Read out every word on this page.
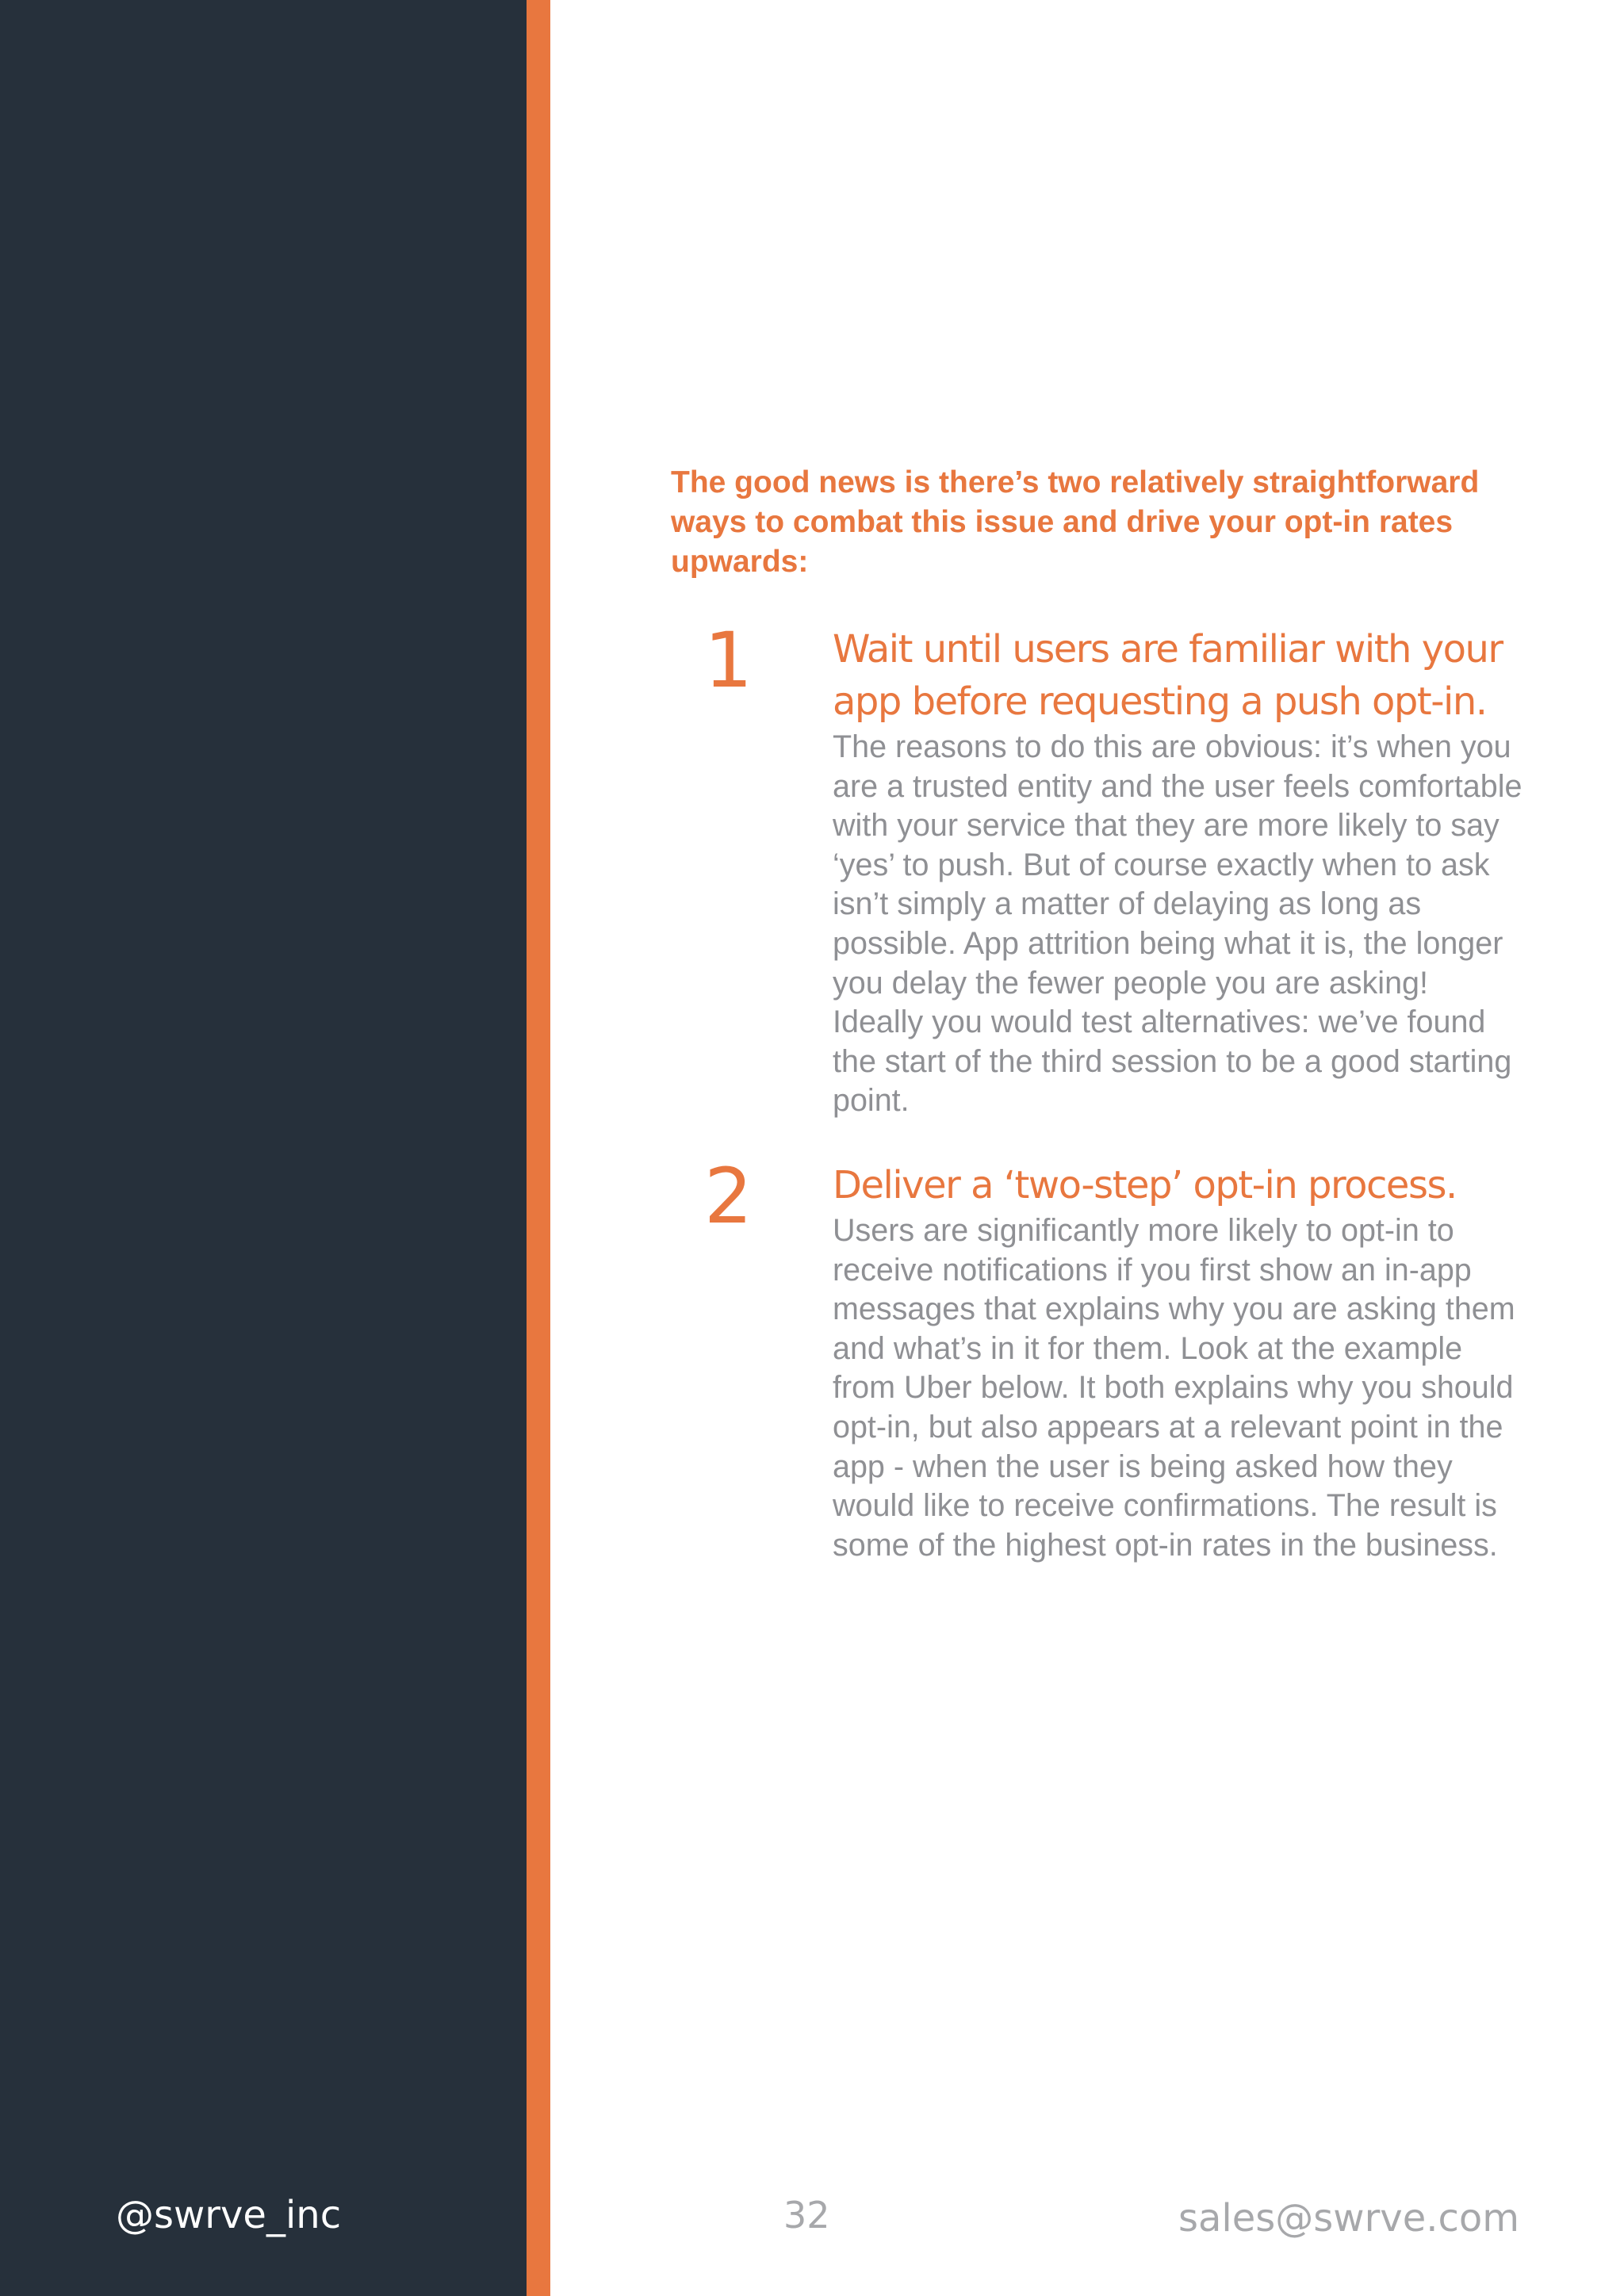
The good news is there’s two relatively straightforward ways to combat this issue and drive your opt-in rates upwards:

1 Wait until users are familiar with your app before requesting a push opt-in.

The reasons to do this are obvious: it’s when you are a trusted entity and the user feels comfortable with your service that they are more likely to say ‘yes’ to push. But of course exactly when to ask isn’t simply a matter of delaying as long as possible. App attrition being what it is, the longer you delay the fewer people you are asking! Ideally you would test alternatives: we’ve found the start of the third session to be a good starting point.

2 Deliver a ‘two-step’ opt-in process.

Users are significantly more likely to opt-in to receive notifications if you first show an in-app messages that explains why you are asking them and what’s in it for them. Look at the example from Uber below. It both explains why you should opt-in, but also appears at a relevant point in the app - when the user is being asked how they would like to receive confirmations. The result is some of the highest opt-in rates in the business.

@swrve_inc	32	sales@swrve.com
